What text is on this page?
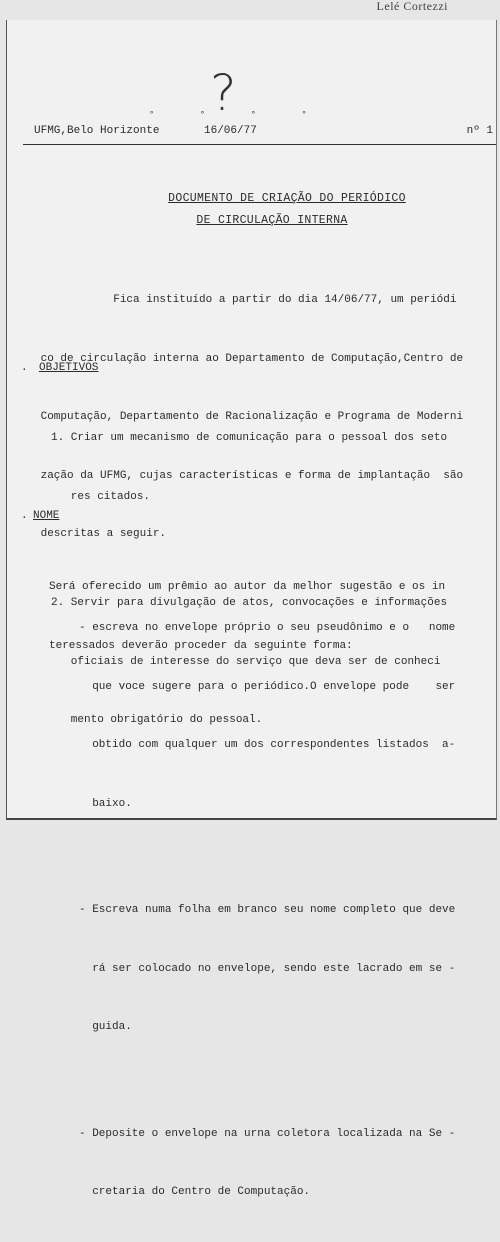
Lelé Cortezzi
?
° ° ° °
UFMG,Belo Horizonte	16/06/77	nº 1
DOCUMENTO DE CRIAÇÃO DO PERIÓDICO
DE CIRCULAÇÃO INTERNA

Fica instituído a partir do dia 14/06/77, um periódi

co de circulação interna ao Departamento de Computação,Centro de

Computação, Departamento de Racionalização e Programa de Moderni

zação da UFMG, cujas características e forma de implantação  são

descritas a seguir.

. OBJETIVOS

1. Criar um mecanismo de comunicação para o pessoal dos seto

res citados.

2. Servir para divulgação de atos, convocações e informações

oficiais de interesse do serviço que deva ser de conheci

mento obrigatório do pessoal.

. NOME

Será oferecido um prêmio ao autor da melhor sugestão e os in

teressados deverão proceder da seguinte forma:

- escreva no envelope próprio o seu pseudônimo e o   nome

que voce sugere para o periódico.O envelope pode    ser

obtido com qualquer um dos correspondentes listados  a-

baixo.

- Escreva numa folha em branco seu nome completo que deve

rá ser colocado no envelope, sendo este lacrado em se -

guida.

- Deposite o envelope na urna coletora localizada na Se -

cretaria do Centro de Computação.
